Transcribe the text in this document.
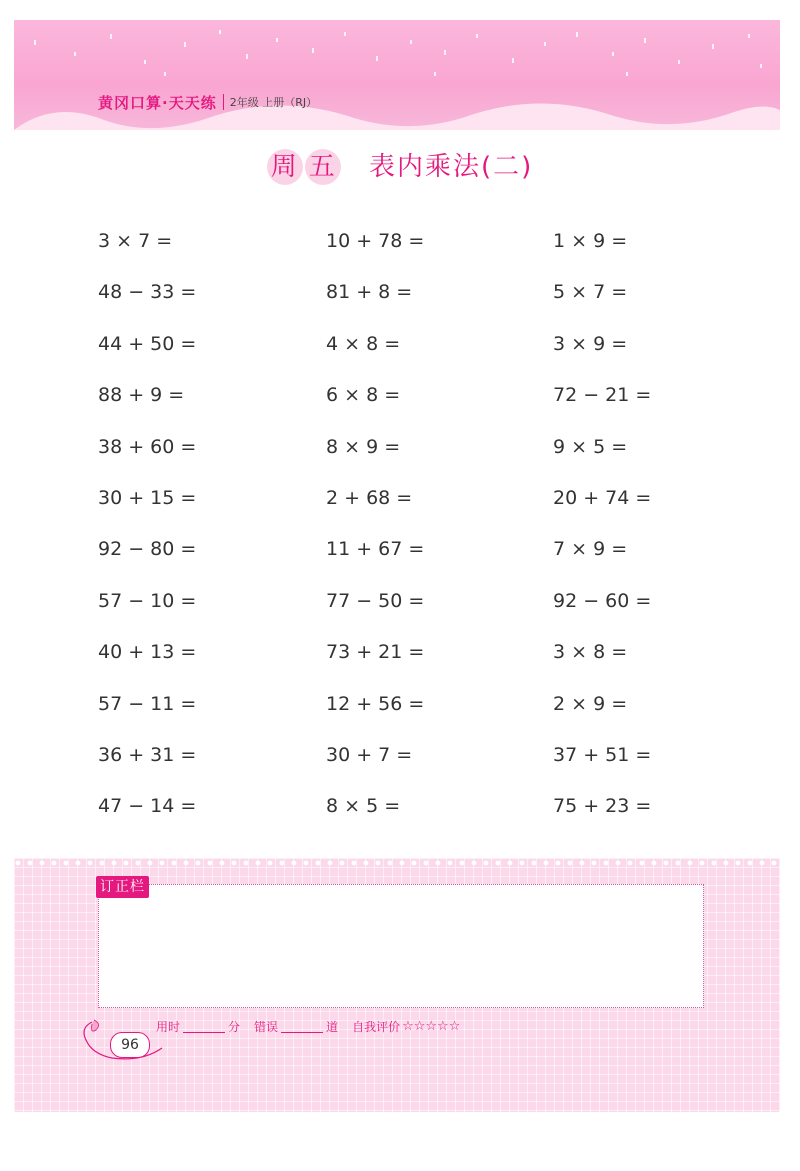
黄冈口算·天天练 2年级 上册（RJ）
周 五 表内乘法(二)
3 × 7 =	10 + 78 =	1 × 9 =
48 − 33 =	81 + 8 =	5 × 7 =
44 + 50 =	4 × 8 =	3 × 9 =
88 + 9 =	6 × 8 =	72 − 21 =
38 + 60 =	8 × 9 =	9 × 5 =
30 + 15 =	2 + 68 =	20 + 74 =
92 − 80 =	11 + 67 =	7 × 9 =
57 − 10 =	77 − 50 =	92 − 60 =
40 + 13 =	73 + 21 =	3 × 8 =
57 − 11 =	12 + 56 =	2 × 9 =
36 + 31 =	30 + 7 =	37 + 51 =
47 − 14 =	8 × 5 =	75 + 23 =
订正栏
96
用时	分 错误	道 自我评价 ☆☆☆☆☆
